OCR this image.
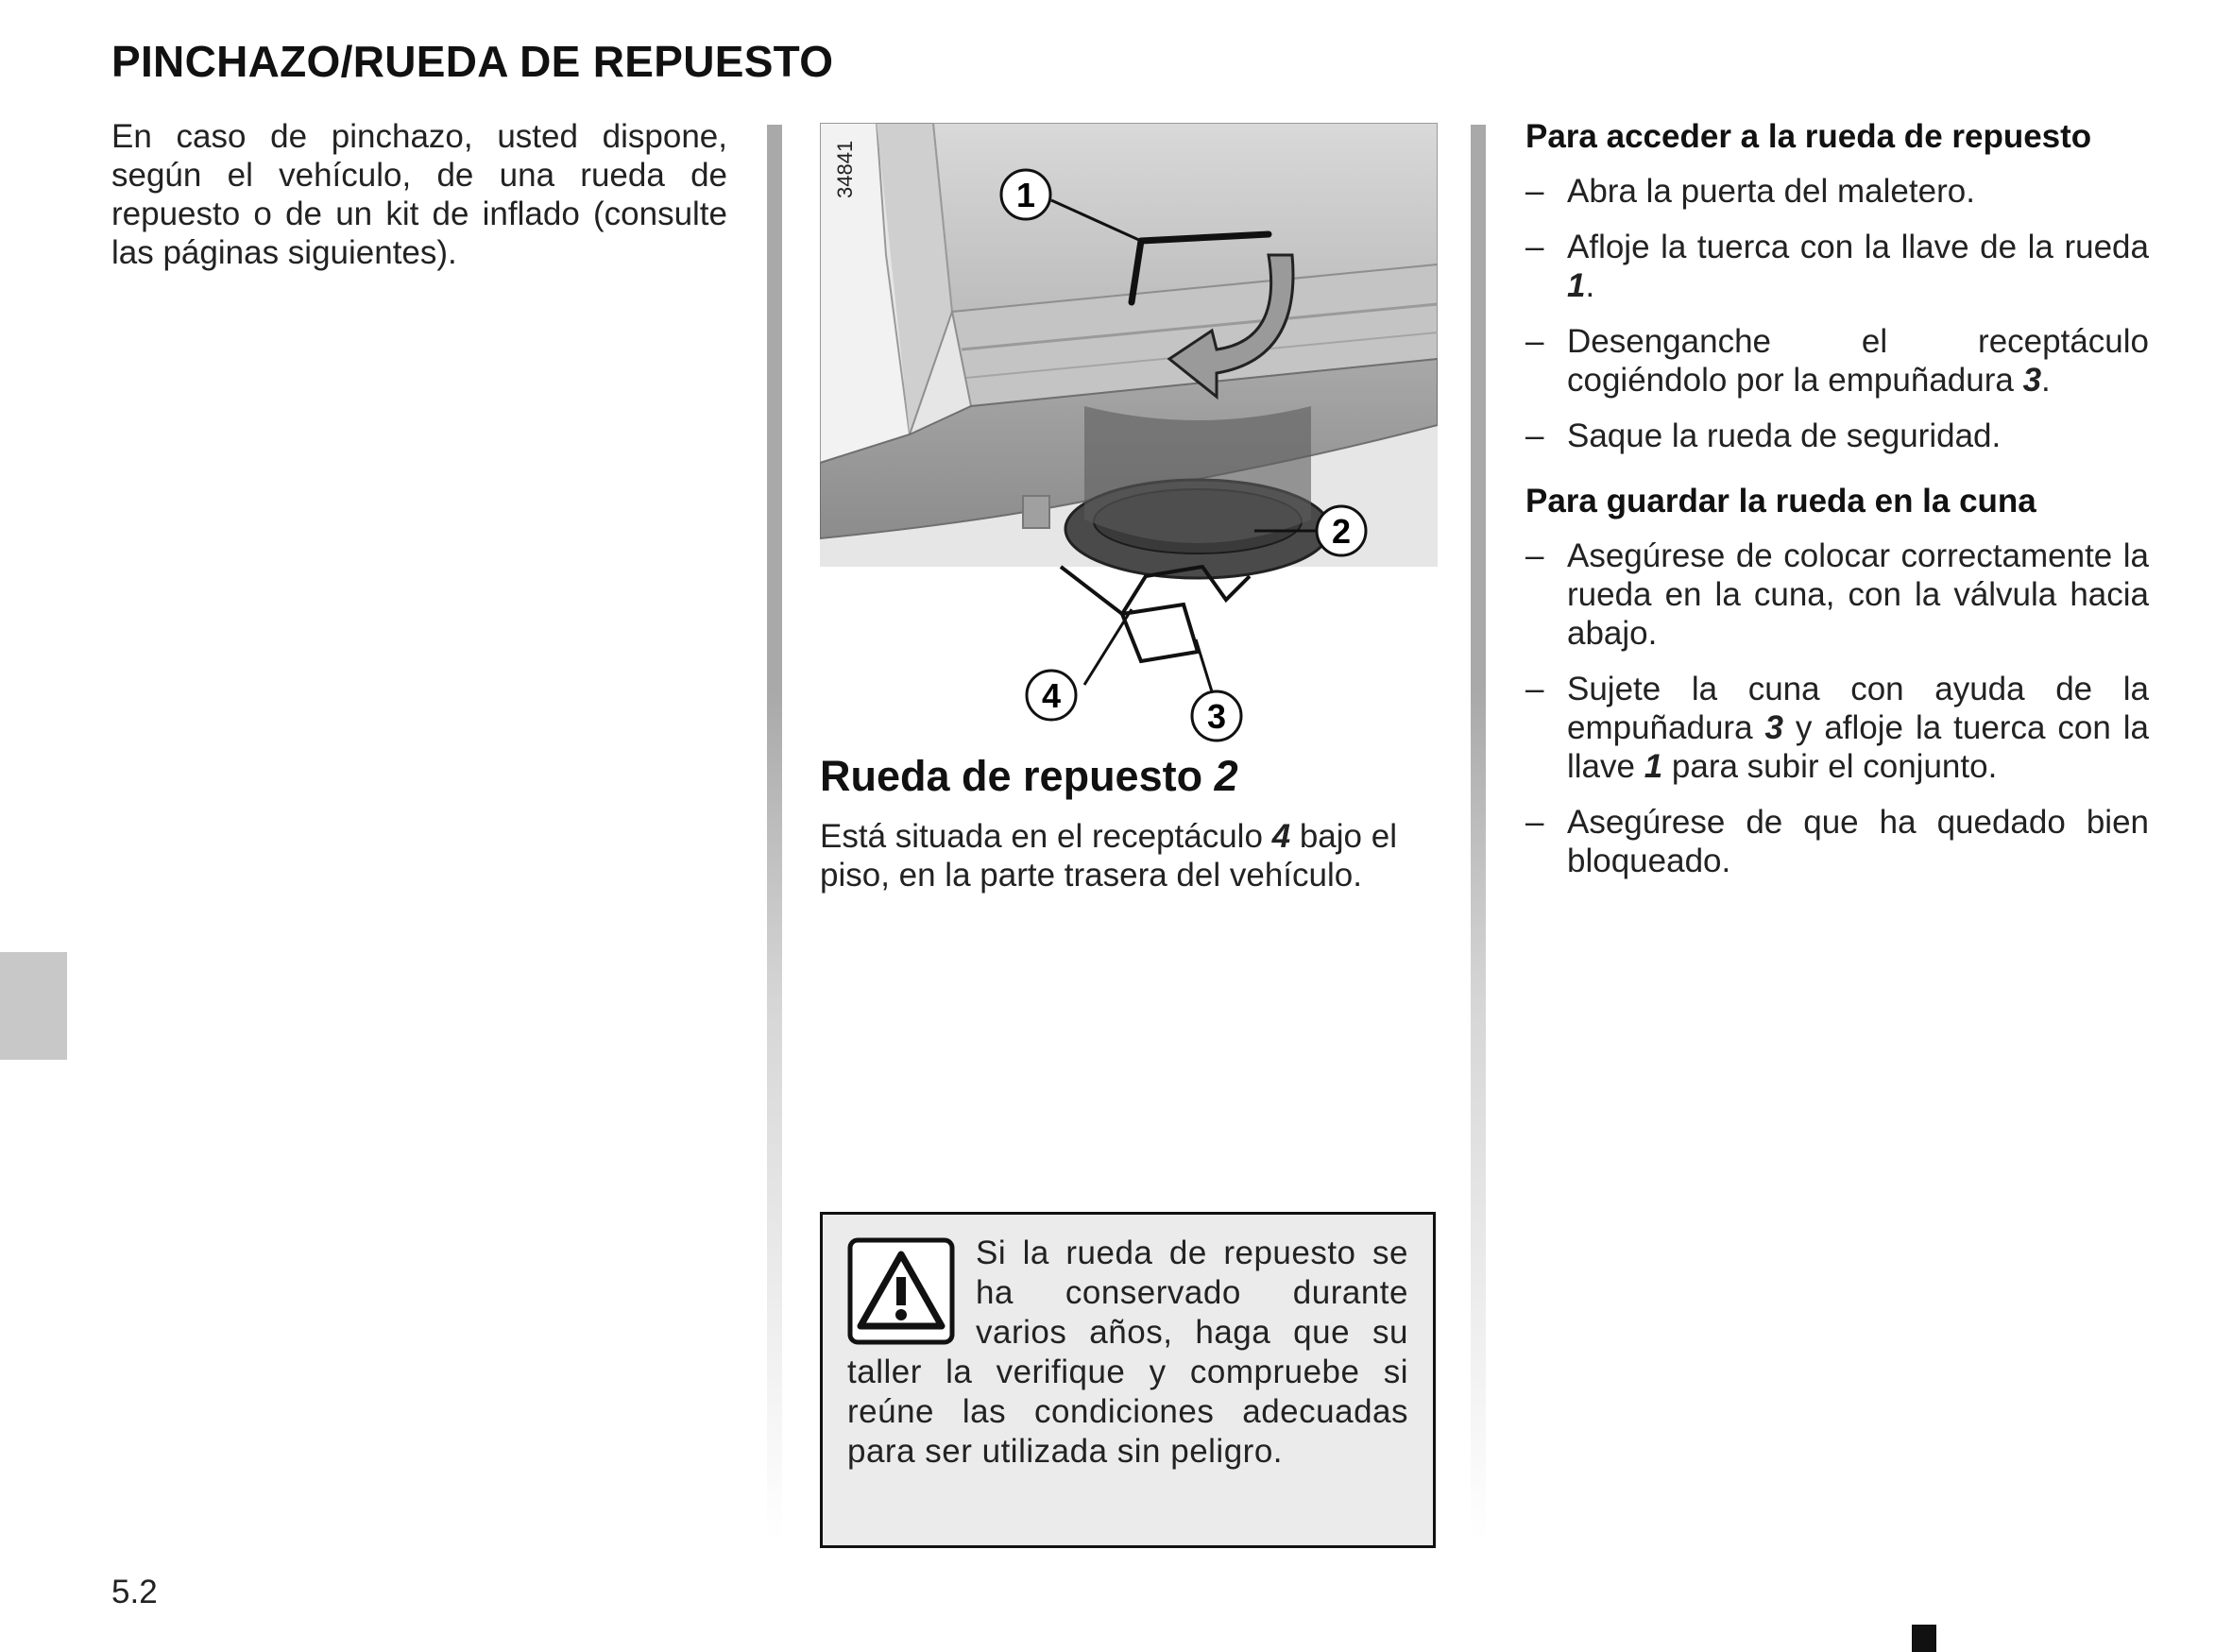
PINCHAZO/RUEDA DE REPUESTO

En caso de pinchazo, usted dispone, según el vehículo, de una rueda de repuesto o de un kit de inflado (consulte las páginas siguientes).

34841	1
2
3
4
Rueda de repuesto 2

Está situada en el receptáculo 4 bajo el piso, en la parte trasera del vehículo.

Si la rueda de repuesto se ha conservado durante varios años, haga que su taller la verifique y compruebe si reúne las condiciones adecuadas para ser utilizada sin peligro.

Para acceder a la rueda de repuesto
– Abra la puerta del maletero.
– Afloje la tuerca con la llave de la rueda 1.
– Desenganche el receptáculo cogiéndolo por la empuñadura 3.
– Saque la rueda de seguridad.
Para guardar la rueda en la cuna
– Asegúrese de colocar correctamente la rueda en la cuna, con la válvula hacia abajo.
– Sujete la cuna con ayuda de la empuñadura 3 y afloje la tuerca con la llave 1 para subir el conjunto.
– Asegúrese de que ha quedado bien bloqueado.
5.2
